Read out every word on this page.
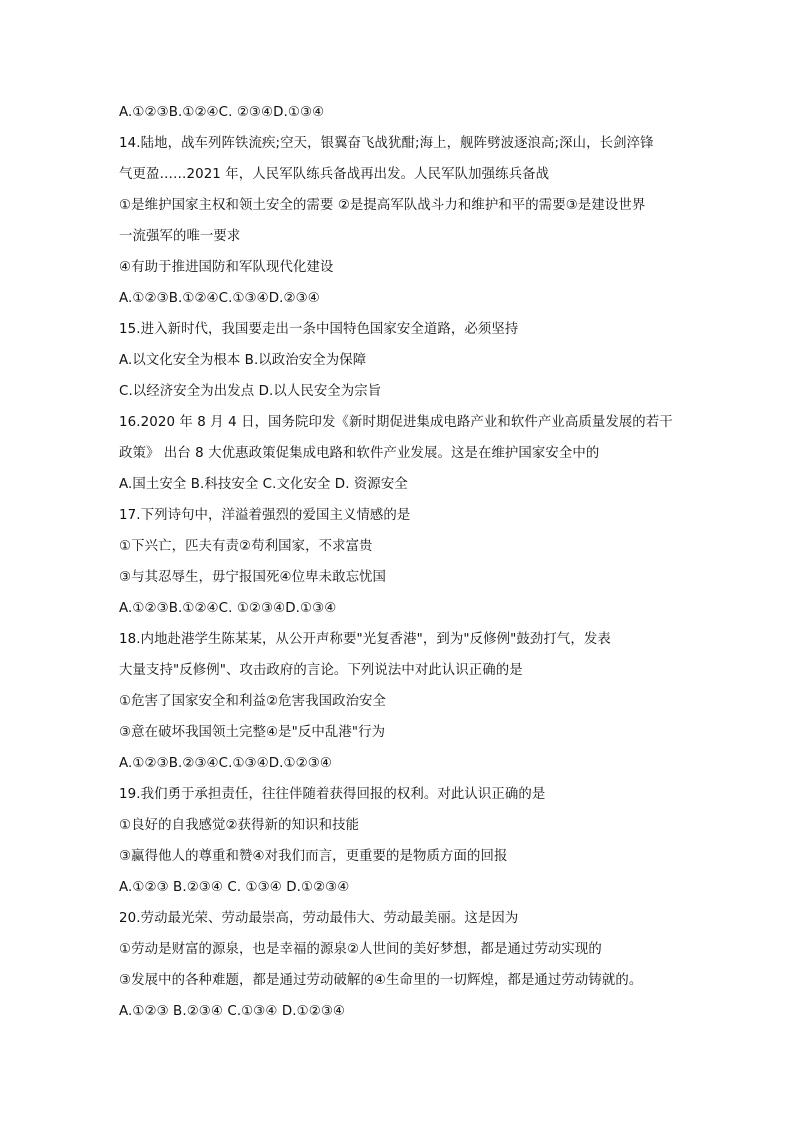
A.①②③B.①②④C. ②③④D.①③④
14.陆地，战车列阵铁流疾;空天，银翼奋飞战犹酣;海上，舰阵劈波逐浪高;深山，长剑淬锋
气更盈……2021 年，人民军队练兵备战再出发。人民军队加强练兵备战
①是维护国家主权和领土安全的需要 ②是提高军队战斗力和维护和平的需要③是建设世界
一流强军的唯一要求
④有助于推进国防和军队现代化建设
A.①②③B.①②④C.①③④D.②③④
15.进入新时代，我国要走出一条中国特色国家安全道路，必须坚持
A.以文化安全为根本 B.以政治安全为保障
C.以经济安全为出发点 D.以人民安全为宗旨
16.2020 年 8 月 4 日，国务院印发《新时期促进集成电路产业和软件产业高质量发展的若干
政策》 出台 8 大优惠政策促集成电路和软件产业发展。这是在维护国家安全中的
A.国土安全 B.科技安全 C.文化安全 D. 资源安全
17.下列诗句中，洋溢着强烈的爱国主义情感的是
①下兴亡，匹夫有责②苟利国家，不求富贵
③与其忍辱生，毋宁报国死④位卑未敢忘忧国
A.①②③B.①②④C. ①②③④D.①③④
18.内地赴港学生陈某某，从公开声称要"光复香港"，到为"反修例"鼓劲打气，发表
大量支持"反修例"、攻击政府的言论。下列说法中对此认识正确的是
①危害了国家安全和利益②危害我国政治安全
③意在破坏我国领土完整④是"反中乱港"行为
A.①②③B.②③④C.①③④D.①②③④
19.我们勇于承担责任，往往伴随着获得回报的权利。对此认识正确的是
①良好的自我感觉②获得新的知识和技能
③赢得他人的尊重和赞④对我们而言，更重要的是物质方面的回报
A.①②③ B.②③④ C. ①③④ D.①②③④
20.劳动最光荣、劳动最崇高，劳动最伟大、劳动最美丽。这是因为
①劳动是财富的源泉，也是幸福的源泉②人世间的美好梦想，都是通过劳动实现的
③发展中的各种难题，都是通过劳动破解的④生命里的一切辉煌，都是通过劳动铸就的。
A.①②③ B.②③④ C.①③④ D.①②③④
